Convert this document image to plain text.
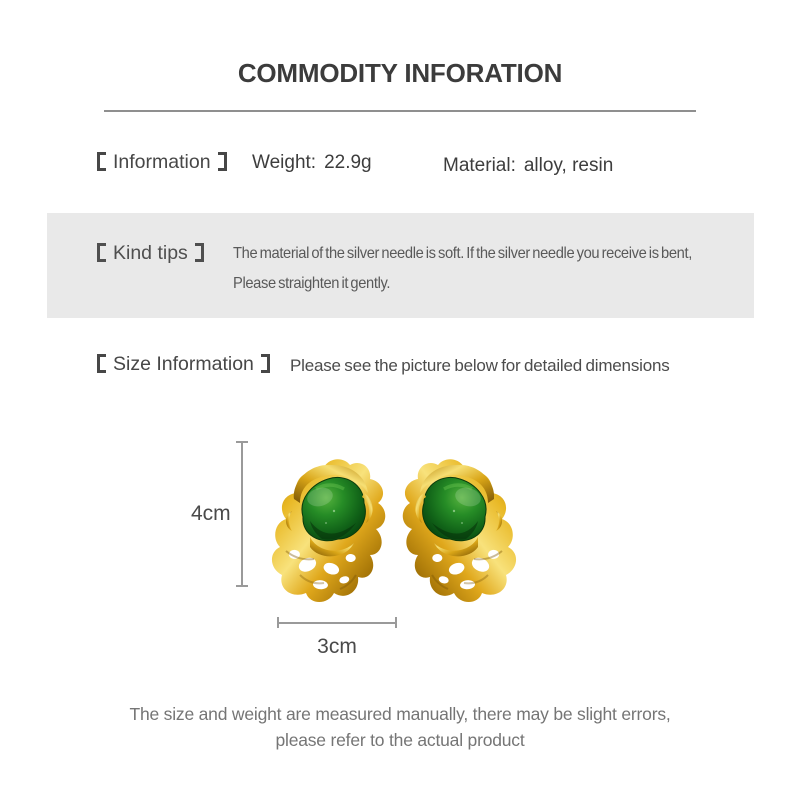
COMMODITY INFORATION
Information	Weight: 22.9g	Material: alloy, resin
Kind tips	The material of the silver needle is soft. If the silver needle you receive is bent,
Please straighten it gently.
Size Information	Please see the picture below for detailed dimensions
4cm
3cm
The size and weight are measured manually, there may be slight errors,
please refer to the actual product
